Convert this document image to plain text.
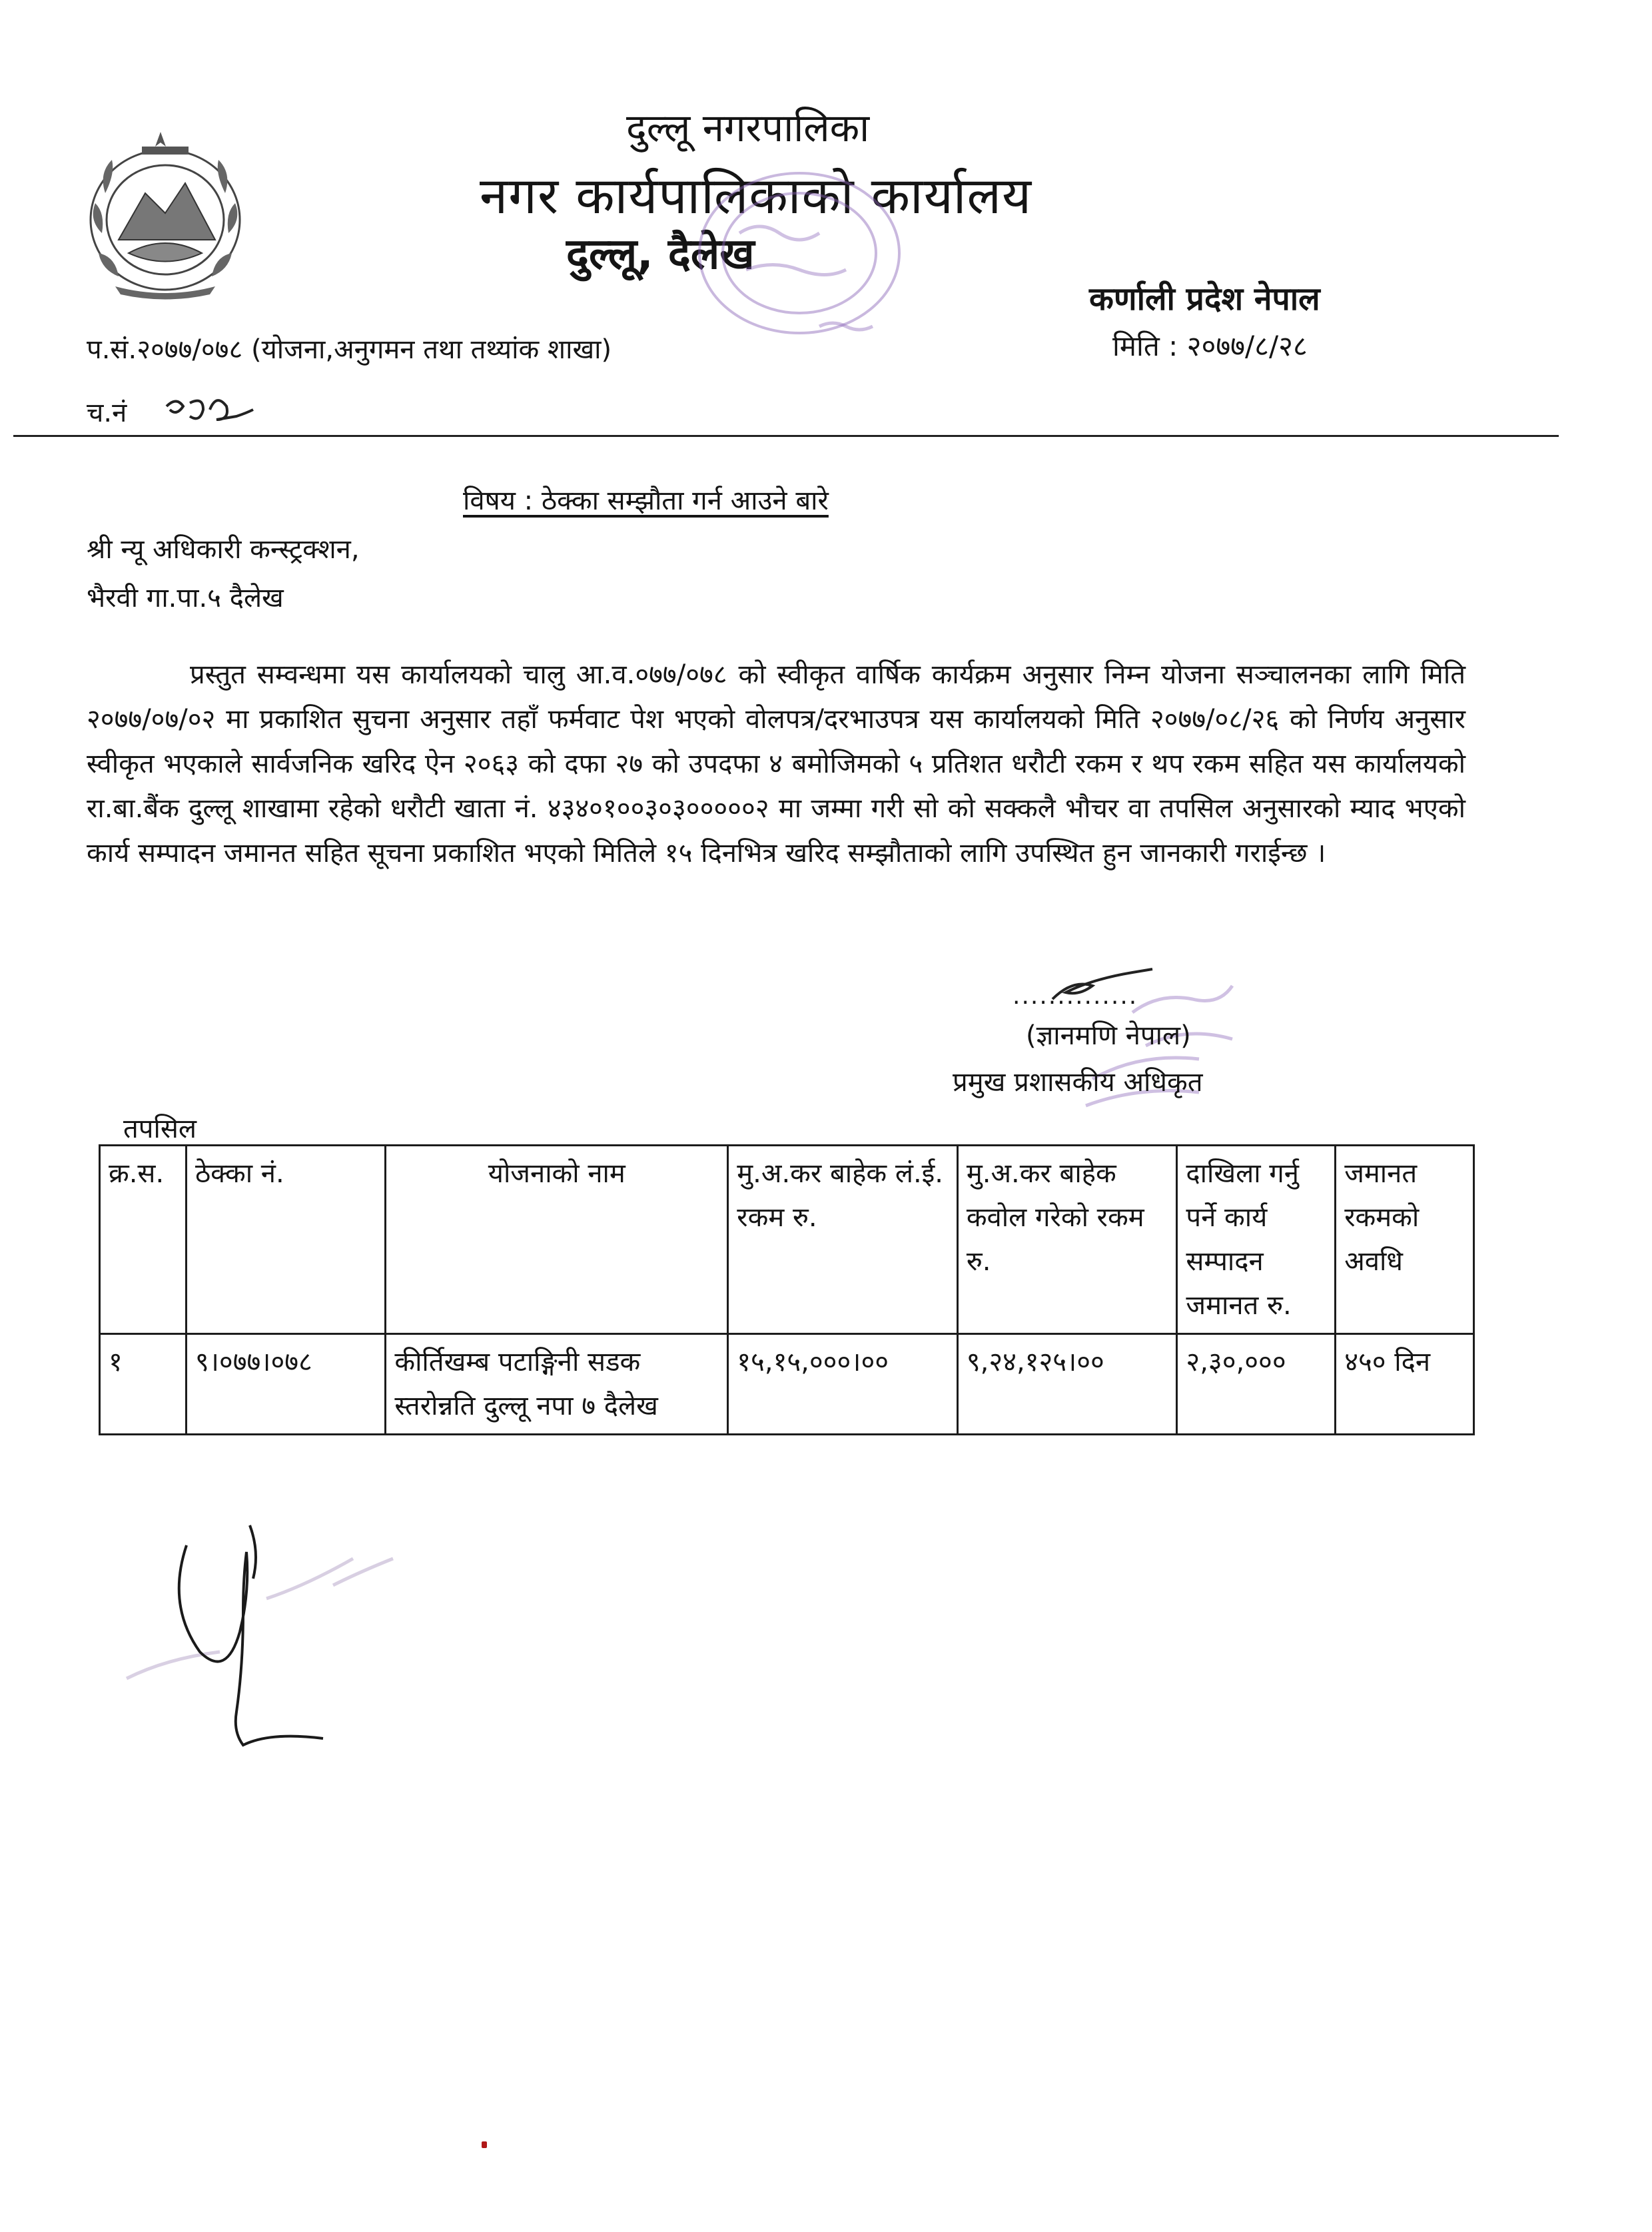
दुल्लू नगरपालिका
नगर कार्यपालिकाको कार्यालय
दुल्लू, दैलेख
कर्णाली प्रदेश नेपाल
मिति : २०७७/८/२८
प.सं.२०७७/०७८ (योजना,अनुगमन तथा तथ्यांक शाखा)
च.नं
विषय : ठेक्का सम्झौता गर्न आउने बारे
श्री न्यू अधिकारी कन्स्ट्रक्शन,
भैरवी गा.पा.५ दैलेख
प्रस्तुत सम्वन्धमा यस कार्यालयको चालु आ.व.०७७/०७८ को स्वीकृत वार्षिक कार्यक्रम अनुसार निम्न योजना सञ्चालनका लागि मिति २०७७/०७/०२ मा प्रकाशित सुचना अनुसार तहाँ फर्मवाट पेश भएको वोलपत्र/दरभाउपत्र यस कार्यालयको मिति २०७७/०८/२६ को निर्णय अनुसार स्वीकृत भएकाले सार्वजनिक खरिद ऐन २०६३ को दफा २७ को उपदफा ४ बमोजिमको ५ प्रतिशत धरौटी रकम र थप रकम सहित यस कार्यालयको रा.बा.बैंक दुल्लू शाखामा रहेको धरौटी खाता नं. ४३४०१००३०३०००००२ मा जम्मा गरी सो को सक्कलै भौचर वा तपसिल अनुसारको म्याद भएको कार्य सम्पादन जमानत सहित सूचना प्रकाशित भएको मितिले १५ दिनभित्र खरिद सम्झौताको लागि उपस्थित हुन जानकारी गराईन्छ ।
..............
(ज्ञानमणि नेपाल)
प्रमुख प्रशासकीय अधिकृत
तपसिल
क्र.स.	ठेक्का नं.	योजनाको नाम	मु.अ.कर बाहेक लं.ई. रकम रु.	मु.अ.कर बाहेक कवोल गरेको रकम रु.	दाखिला गर्नु पर्ने कार्य सम्पादन जमानत रु.	जमानत रकमको अवधि
१	९।०७७।०७८	कीर्तिखम्ब पटाङ्गिनी सडक स्तरोन्नति दुल्लू नपा ७ दैलेख	१५,१५,०००।००	९,२४,१२५।००	२,३०,०००	४५० दिन
